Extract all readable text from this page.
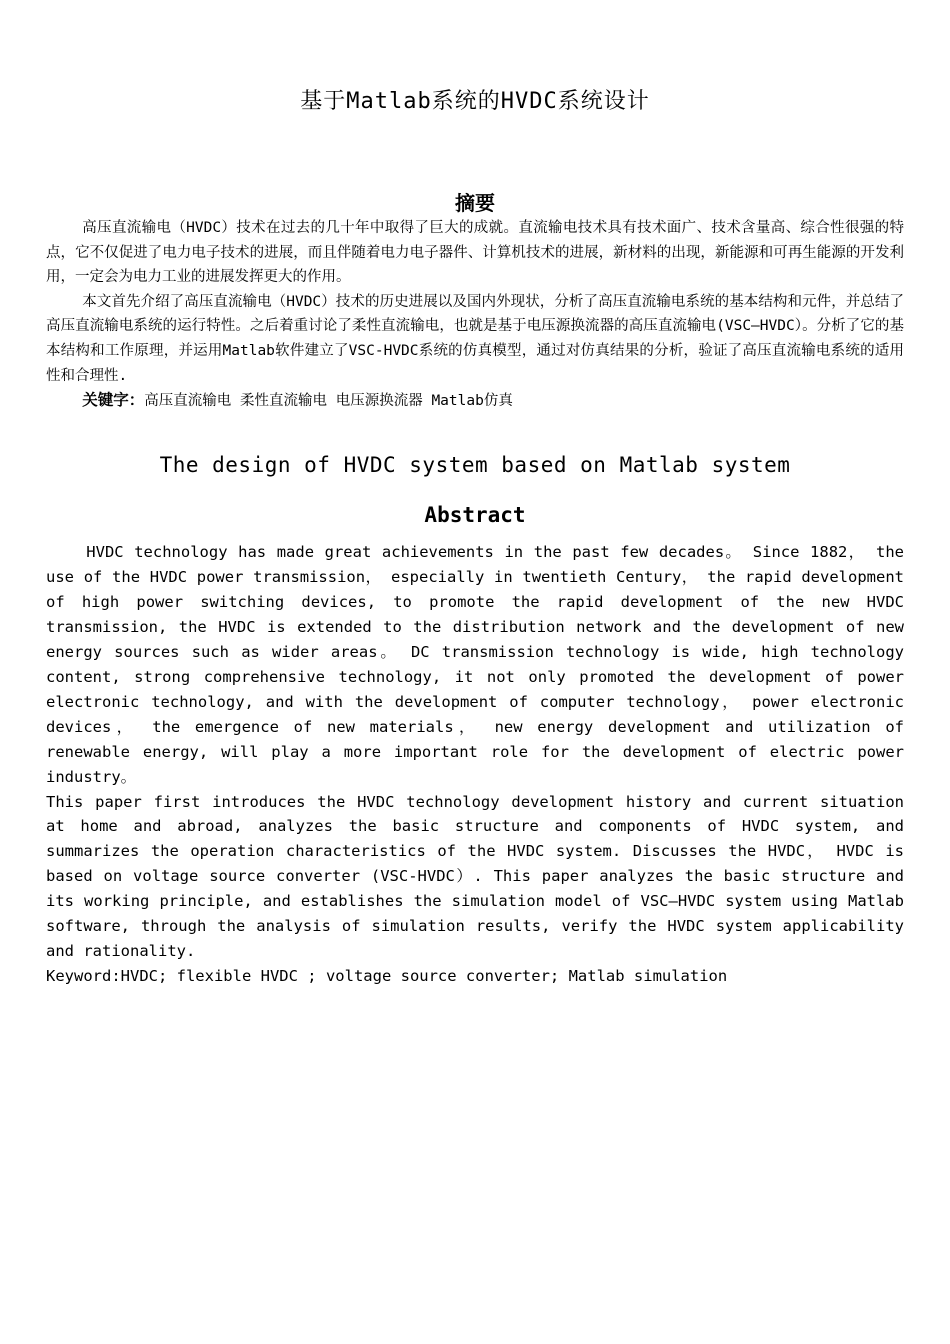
基于Matlab系统的HVDC系统设计
摘要

高压直流输电（HVDC）技术在过去的几十年中取得了巨大的成就。直流输电技术具有技术面广、技术含量高、综合性很强的特点，它不仅促进了电力电子技术的进展，而且伴随着电力电子器件、计算机技术的进展，新材料的出现，新能源和可再生能源的开发利用，一定会为电力工业的进展发挥更大的作用。

本文首先介绍了高压直流输电（HVDC）技术的历史进展以及国内外现状，分析了高压直流输电系统的基本结构和元件，并总结了高压直流输电系统的运行特性。之后着重讨论了柔性直流输电，也就是基于电压源换流器的高压直流输电(VSC—HVDC）。分析了它的基本结构和工作原理，并运用Matlab软件建立了VSC-HVDC系统的仿真模型，通过对仿真结果的分析，验证了高压直流输电系统的适用性和合理性.

关键字：高压直流输电 柔性直流输电 电压源换流器 Matlab仿真

The design of HVDC system based on Matlab system
Abstract

HVDC technology has made great achievements in the past few decades。 Since 1882， the use of the HVDC power transmission， especially in twentieth Century， the rapid development of high power switching devices, to promote the rapid development of the new HVDC transmission, the HVDC is extended to the distribution network and the development of new energy sources such as wider areas。 DC transmission technology is wide, high technology content, strong comprehensive technology, it not only promoted the development of power electronic technology, and with the development of computer technology， power electronic devices， the emergence of new materials， new energy development and utilization of renewable energy, will play a more important role for the development of electric power industry。

This paper first introduces the HVDC technology development history and current situation at home and abroad, analyzes the basic structure and components of HVDC system, and summarizes the operation characteristics of the HVDC system. Discusses the HVDC， HVDC is based on voltage source converter (VSC-HVDC）. This paper analyzes the basic structure and its working principle, and establishes the simulation model of VSC—HVDC system using Matlab software, through the analysis of simulation results, verify the HVDC system applicability and rationality.

Keyword:HVDC; flexible HVDC ; voltage source converter; Matlab simulation
